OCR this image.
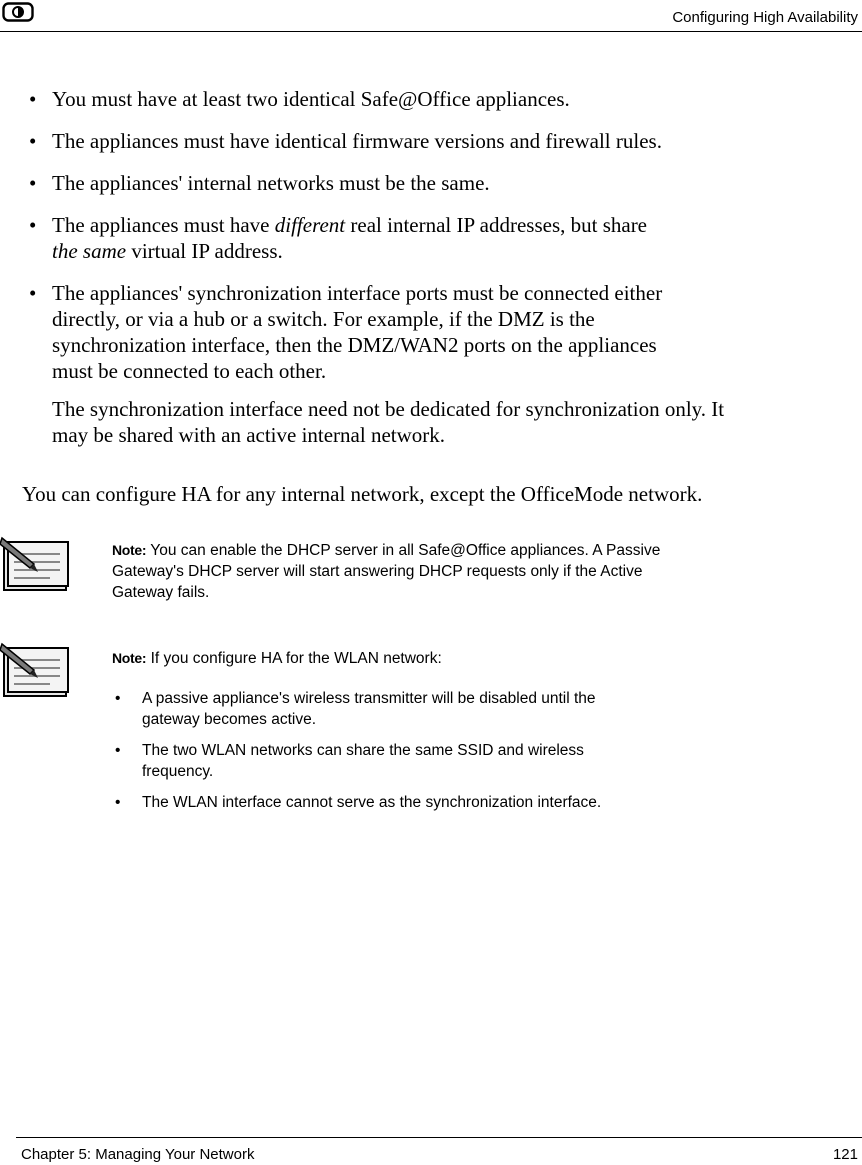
Configuring High Availability
• You must have at least two identical Safe@Office appliances.
• The appliances must have identical firmware versions and firewall rules.
• The appliances' internal networks must be the same.
• The appliances must have different real internal IP addresses, but share
the same virtual IP address.
• The appliances' synchronization interface ports must be connected either
directly, or via a hub or a switch. For example, if the DMZ is the
synchronization interface, then the DMZ/WAN2 ports on the appliances
must be connected to each other.
The synchronization interface need not be dedicated for synchronization only. It
may be shared with an active internal network.
You can configure HA for any internal network, except the OfficeMode network.
Note: You can enable the DHCP server in all Safe@Office appliances. A Passive
Gateway's DHCP server will start answering DHCP requests only if the Active
Gateway fails.
Note: If you configure HA for the WLAN network:
• A passive appliance's wireless transmitter will be disabled until the
gateway becomes active.
• The two WLAN networks can share the same SSID and wireless
frequency.
• The WLAN interface cannot serve as the synchronization interface.
Chapter 5: Managing Your Network	121
